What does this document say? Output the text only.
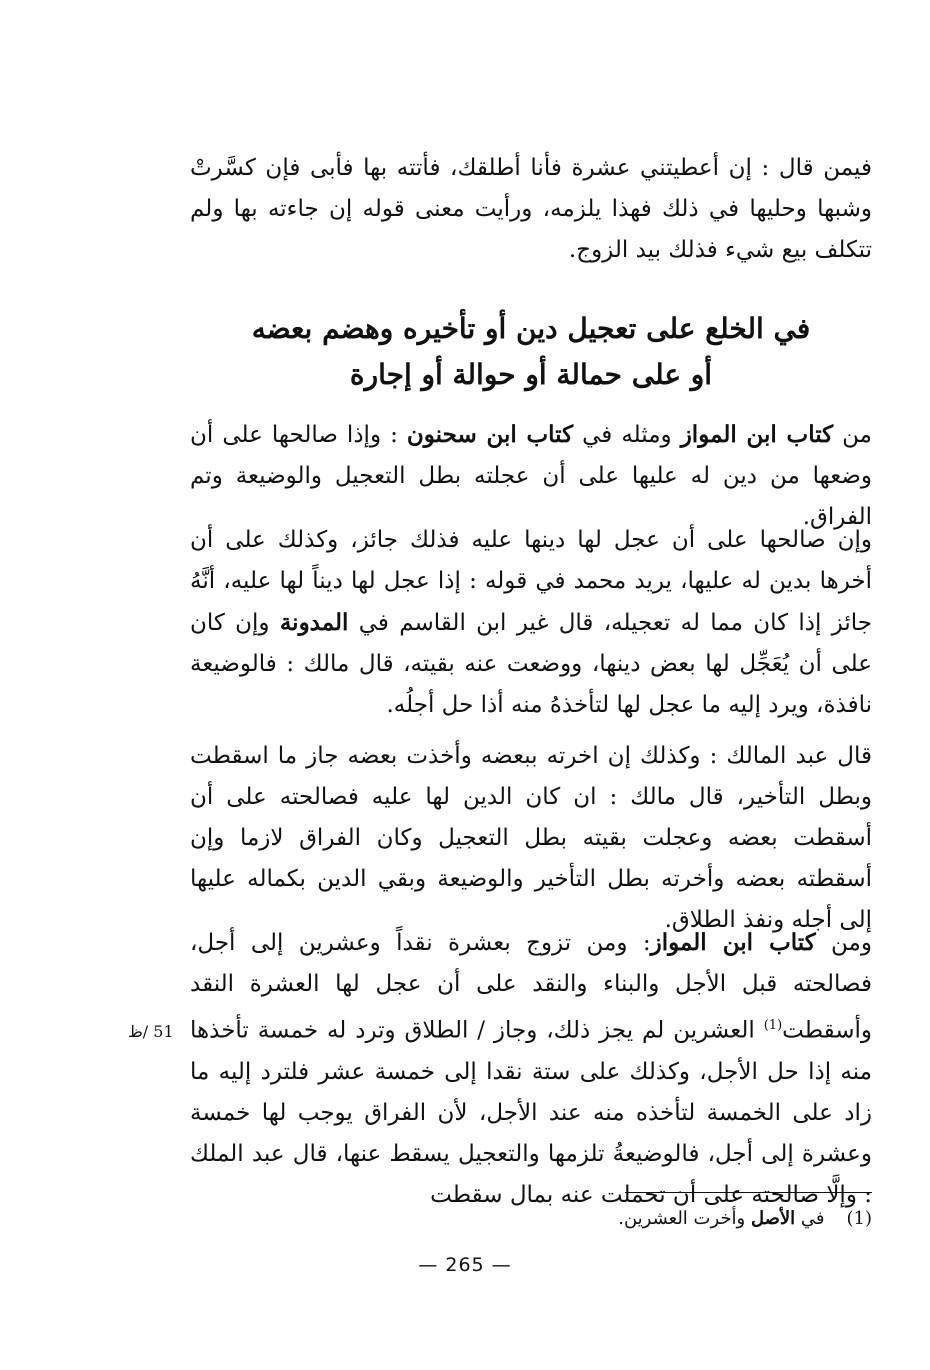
فيمن قال : إن أعطيتني عشرة فأنا أطلقك، فأتته بها فأبى فإن كسَّرتْ وشبها وحليها في ذلك فهذا يلزمه، ورأيت معنى قوله إن جاءته بها ولم تتكلف بيع شيء فذلك بيد الزوج.

في الخلع على تعجيل دين أو تأخيره وهضم بعضه
أو على حمالة أو حوالة أو إجارة

من كتاب ابن المواز ومثله في كتاب ابن سحنون : وإذا صالحها على أن وضعها من دين له عليها على أن عجلته بطل التعجيل والوضيعة وتم الفراق.

وإن صالحها على أن عجل لها دينها عليه فذلك جائز، وكذلك على أن أخرها بدين له عليها، يريد محمد في قوله : إذا عجل لها ديناً لها عليه، أنَّهُ جائز إذا كان مما له تعجيله، قال غير ابن القاسم في المدونة وإن كان على أن يُعَجِّل لها بعض دينها، ووضعت عنه بقيته، قال مالك : فالوضيعة نافذة، ويرد إليه ما عجل لها لتأخذهُ منه أذا حل أجلُه.

قال عبد المالك : وكذلك إن اخرته ببعضه وأخذت بعضه جاز ما اسقطت وبطل التأخير، قال مالك : ان كان الدين لها عليه فصالحته على أن أسقطت بعضه وعجلت بقيته بطل التعجيل وكان الفراق لازما وإن أسقطته بعضه وأخرته بطل التأخير والوضيعة وبقي الدين بكماله عليها إلى أجله ونفذ الطلاق.

ومن كتاب ابن المواز: ومن تزوج بعشرة نقداً وعشرين إلى أجل، فصالحته قبل الأجل والبناء والنقد على أن عجل لها العشرة النقد وأسقطت$^{(1)}$ العشرين لم يجز ذلك، وجاز / الطلاق وترد له خمسة تأخذها منه إذا حل الأجل، وكذلك على ستة نقدا إلى خمسة عشر فلترد إليه ما زاد على الخمسة لتأخذه منه عند الأجل، لأن الفراق يوجب لها خمسة وعشرة إلى أجل، فالوضيعةُ تلزمها والتعجيل يسقط عنها، قال عبد الملك : وإلَّا صالحته على أن تحملت عنه بمال سقطت

51 /ظ
(1)في الأصل وأخرت العشرين.
— 265 —
